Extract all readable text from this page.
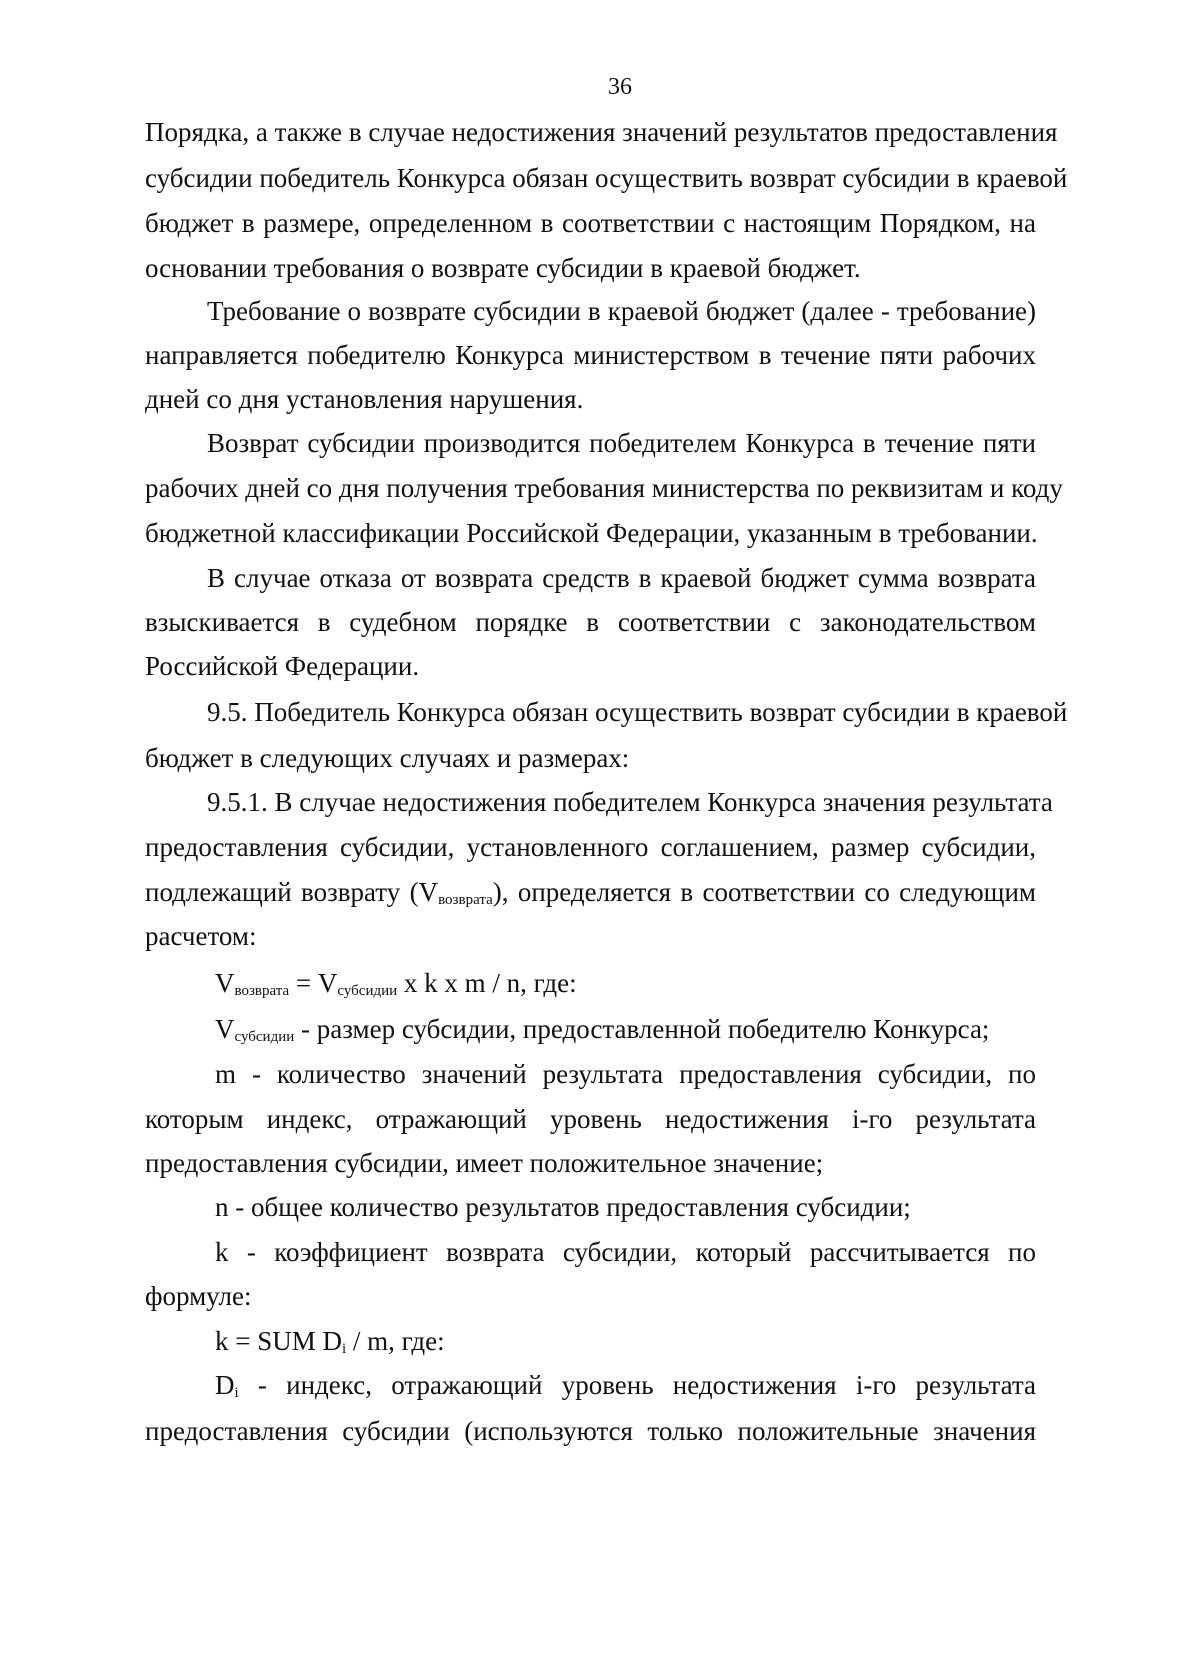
36
Порядка, а также в случае недостижения значений результатов предоставления
субсидии победитель Конкурса обязан осуществить возврат субсидии в краевой
бюджет в размере, определенном в соответствии с настоящим Порядком, на
основании требования о возврате субсидии в краевой бюджет.
Требование о возврате субсидии в краевой бюджет (далее - требование)
направляется победителю Конкурса министерством в течение пяти рабочих
дней со дня установления нарушения.
Возврат субсидии производится победителем Конкурса в течение пяти
рабочих дней со дня получения требования министерства по реквизитам и коду
бюджетной классификации Российской Федерации, указанным в требовании.
В случае отказа от возврата средств в краевой бюджет сумма возврата
взыскивается в судебном порядке в соответствии с законодательством
Российской Федерации.
9.5. Победитель Конкурса обязан осуществить возврат субсидии в краевой
бюджет в следующих случаях и размерах:
9.5.1. В случае недостижения победителем Конкурса значения результата
предоставления субсидии, установленного соглашением, размер субсидии,
подлежащий возврату $(V_{возврата})$, определяется в соответствии со следующим
расчетом:
$V_{возврата} = V_{субсидии}$ x k x m / n, где:
$V_{субсидии}$ - размер субсидии, предоставленной победителю Конкурса;
m - количество значений результата предоставления субсидии, по
которым индекс, отражающий уровень недостижения i-го результата
предоставления субсидии, имеет положительное значение;
n - общее количество результатов предоставления субсидии;
k - коэффициент возврата субсидии, который рассчитывается по
формуле:
k = SUM Di / m, где:
Di - индекс, отражающий уровень недостижения i-го результата
предоставления субсидии (используются только положительные значения
